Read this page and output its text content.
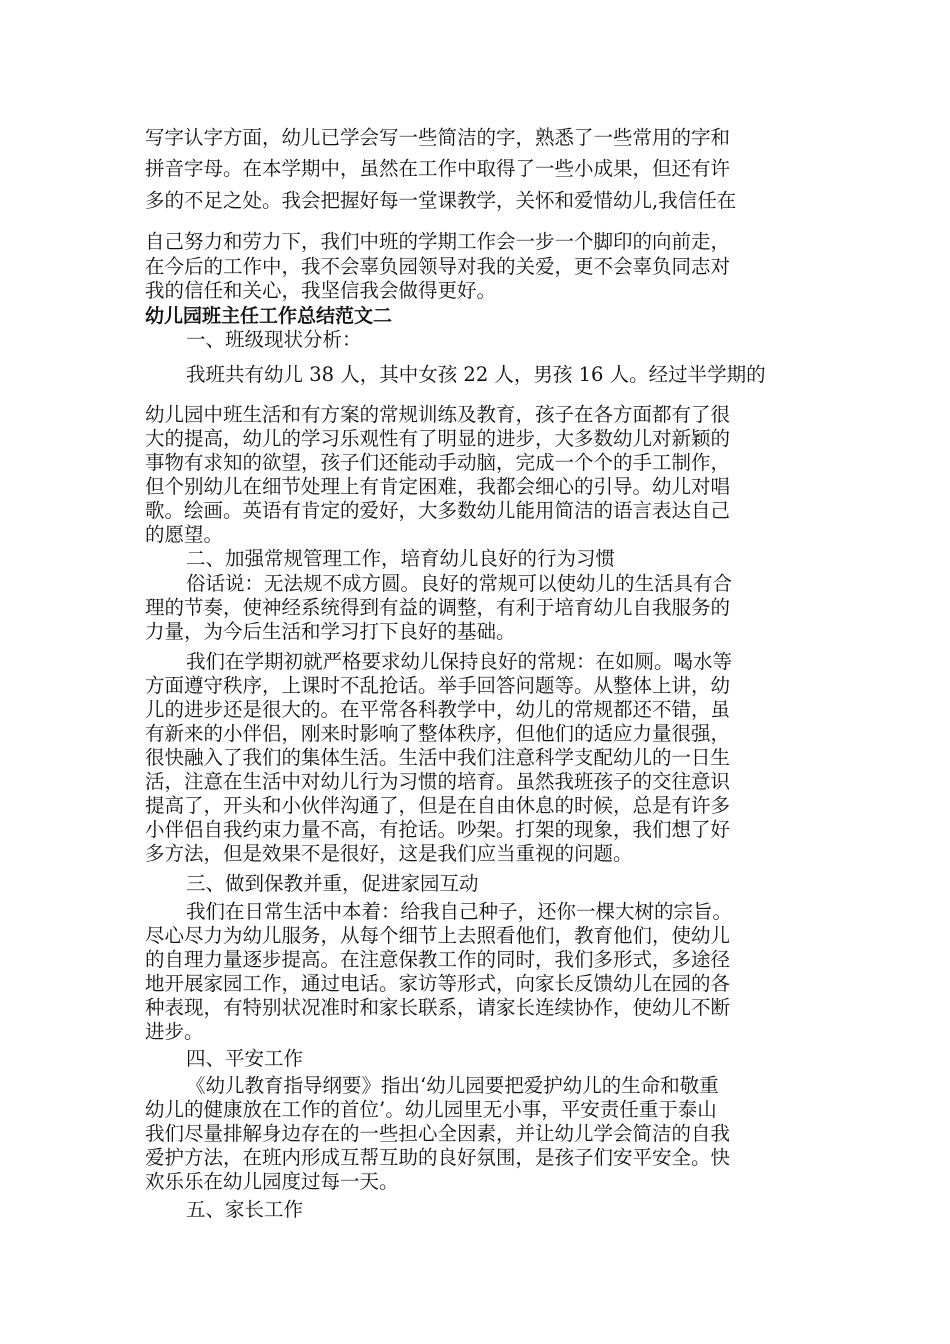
写字认字方面，幼儿已学会写一些简洁的字，熟悉了一些常用的字和
拼音字母。在本学期中，虽然在工作中取得了一些小成果，但还有许
多的不足之处。我会把握好每一堂课教学，关怀和爱惜幼儿,我信任在
自己努力和劳力下，我们中班的学期工作会一步一个脚印的向前走，
在今后的工作中，我不会辜负园领导对我的关爱，更不会辜负同志对
我的信任和关心，我坚信我会做得更好。
幼儿园班主任工作总结范文二
一、班级现状分析：
我班共有幼儿 38 人，其中女孩 22 人，男孩 16 人。经过半学期的
幼儿园中班生活和有方案的常规训练及教育，孩子在各方面都有了很
大的提高，幼儿的学习乐观性有了明显的进步，大多数幼儿对新颖的
事物有求知的欲望，孩子们还能动手动脑，完成一个个的手工制作，
但个别幼儿在细节处理上有肯定困难，我都会细心的引导。幼儿对唱
歌。绘画。英语有肯定的爱好，大多数幼儿能用简洁的语言表达自己
的愿望。
二、加强常规管理工作，培育幼儿良好的行为习惯
俗话说：无法规不成方圆。良好的常规可以使幼儿的生活具有合
理的节奏，使神经系统得到有益的调整，有利于培育幼儿自我服务的
力量，为今后生活和学习打下良好的基础。
我们在学期初就严格要求幼儿保持良好的常规：在如厕。喝水等
方面遵守秩序，上课时不乱抢话。举手回答问题等。从整体上讲，幼
儿的进步还是很大的。在平常各科教学中，幼儿的常规都还不错，虽
有新来的小伴侣，刚来时影响了整体秩序，但他们的适应力量很强，
很快融入了我们的集体生活。生活中我们注意科学支配幼儿的一日生
活，注意在生活中对幼儿行为习惯的培育。虽然我班孩子的交往意识
提高了，开头和小伙伴沟通了，但是在自由休息的时候，总是有许多
小伴侣自我约束力量不高，有抢话。吵架。打架的现象，我们想了好
多方法，但是效果不是很好，这是我们应当重视的问题。
三、做到保教并重，促进家园互动
我们在日常生活中本着：给我自己种子，还你一棵大树的宗旨。
尽心尽力为幼儿服务，从每个细节上去照看他们，教育他们，使幼儿
的自理力量逐步提高。在注意保教工作的同时，我们多形式，多途径
地开展家园工作，通过电话。家访等形式，向家长反馈幼儿在园的各
种表现，有特别状况准时和家长联系，请家长连续协作，使幼儿不断
进步。
四、平安工作
《幼儿教育指导纲要》指出‘幼儿园要把爱护幼儿的生命和敬重
幼儿的健康放在工作的首位’。幼儿园里无小事，平安责任重于泰山
我们尽量排解身边存在的一些担心全因素，并让幼儿学会简洁的自我
爱护方法，在班内形成互帮互助的良好氛围，是孩子们安平安全。快
欢乐乐在幼儿园度过每一天。
五、家长工作
